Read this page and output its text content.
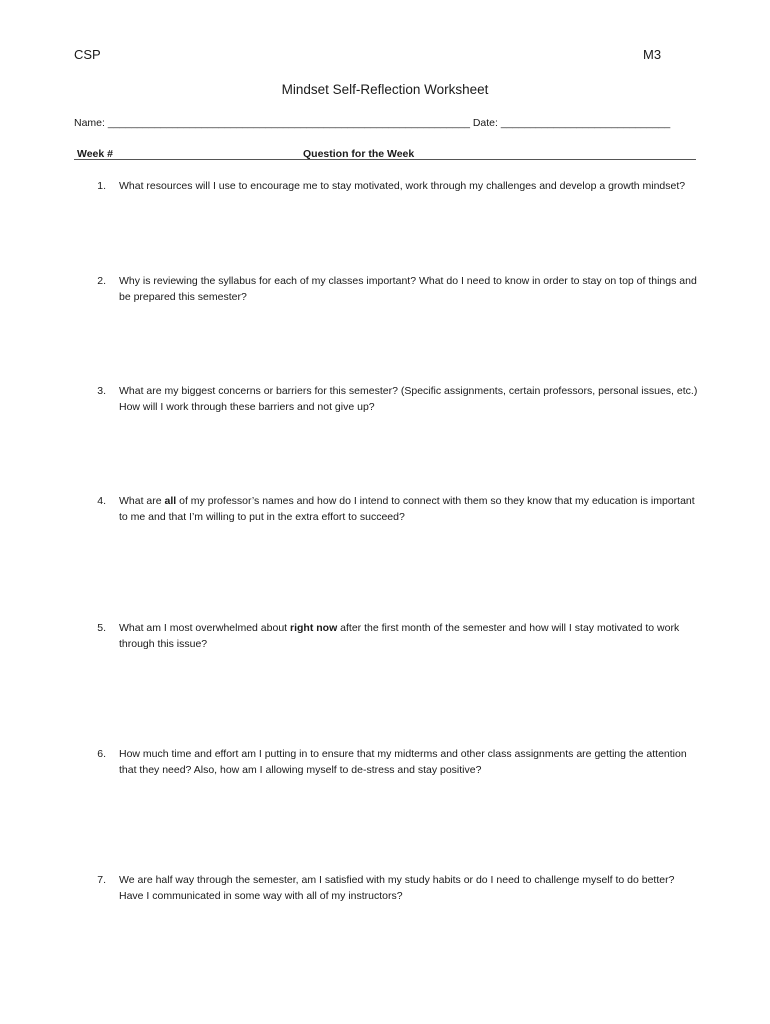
CSP	M3
Mindset Self-Reflection Worksheet
Name: ______________________________________________________________ Date: _____________________________
Week #	Question for the Week
1. What resources will I use to encourage me to stay motivated, work through my challenges and develop a growth mindset?
2. Why is reviewing the syllabus for each of my classes important? What do I need to know in order to stay on top of things and be prepared this semester?
3. What are my biggest concerns or barriers for this semester? (Specific assignments, certain professors, personal issues, etc.) How will I work through these barriers and not give up?
4. What are all of my professor’s names and how do I intend to connect with them so they know that my education is important to me and that I’m willing to put in the extra effort to succeed?
5. What am I most overwhelmed about right now after the first month of the semester and how will I stay motivated to work through this issue?
6. How much time and effort am I putting in to ensure that my midterms and other class assignments are getting the attention that they need? Also, how am I allowing myself to de-stress and stay positive?
7. We are half way through the semester, am I satisfied with my study habits or do I need to challenge myself to do better? Have I communicated in some way with all of my instructors?
